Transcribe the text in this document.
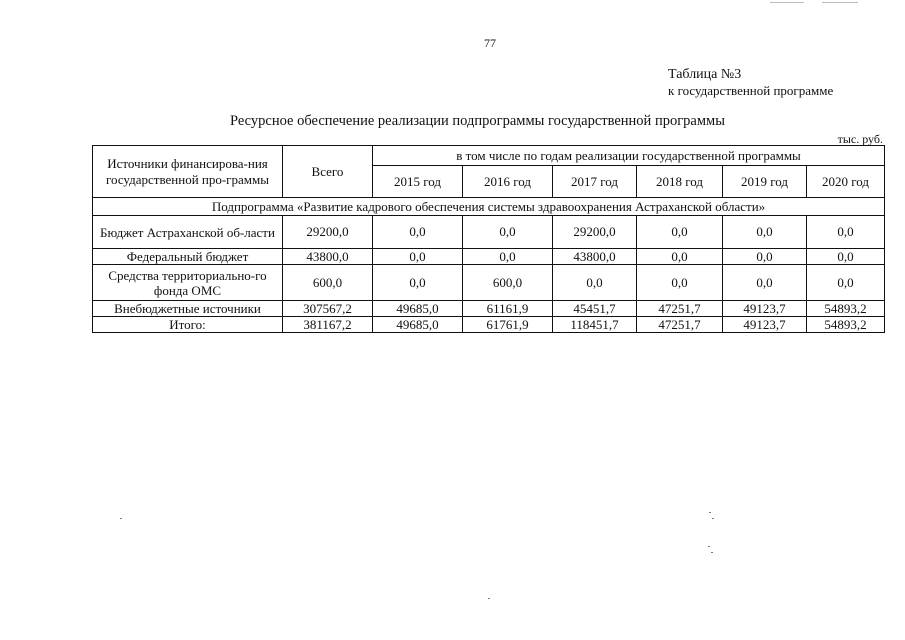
77
Таблица №3
к государственной программе
Ресурсное обеспечение реализации подпрограммы государственной программы
тыс. руб.
Источники финансирова-ния государственной про-граммы	Всего	в том числе по годам реализации государственной программы					
		2015 год	2016 год	2017 год	2018 год	2019 год	2020 год
Подпрограмма «Развитие кадрового обеспечения системы здравоохранения Астраханской области»							
Бюджет Астраханской об-ласти	29200,0	0,0	0,0	29200,0	0,0	0,0	0,0
Федеральный бюджет	43800,0	0,0	0,0	43800,0	0,0	0,0	0,0
Средства территориально-го фонда ОМС	600,0	0,0	600,0	0,0	0,0	0,0	0,0
Внебюджетные источники	307567,2	49685,0	61161,9	45451,7	47251,7	49123,7	54893,2
Итого:	381167,2	49685,0	61761,9	118451,7	47251,7	49123,7	54893,2
